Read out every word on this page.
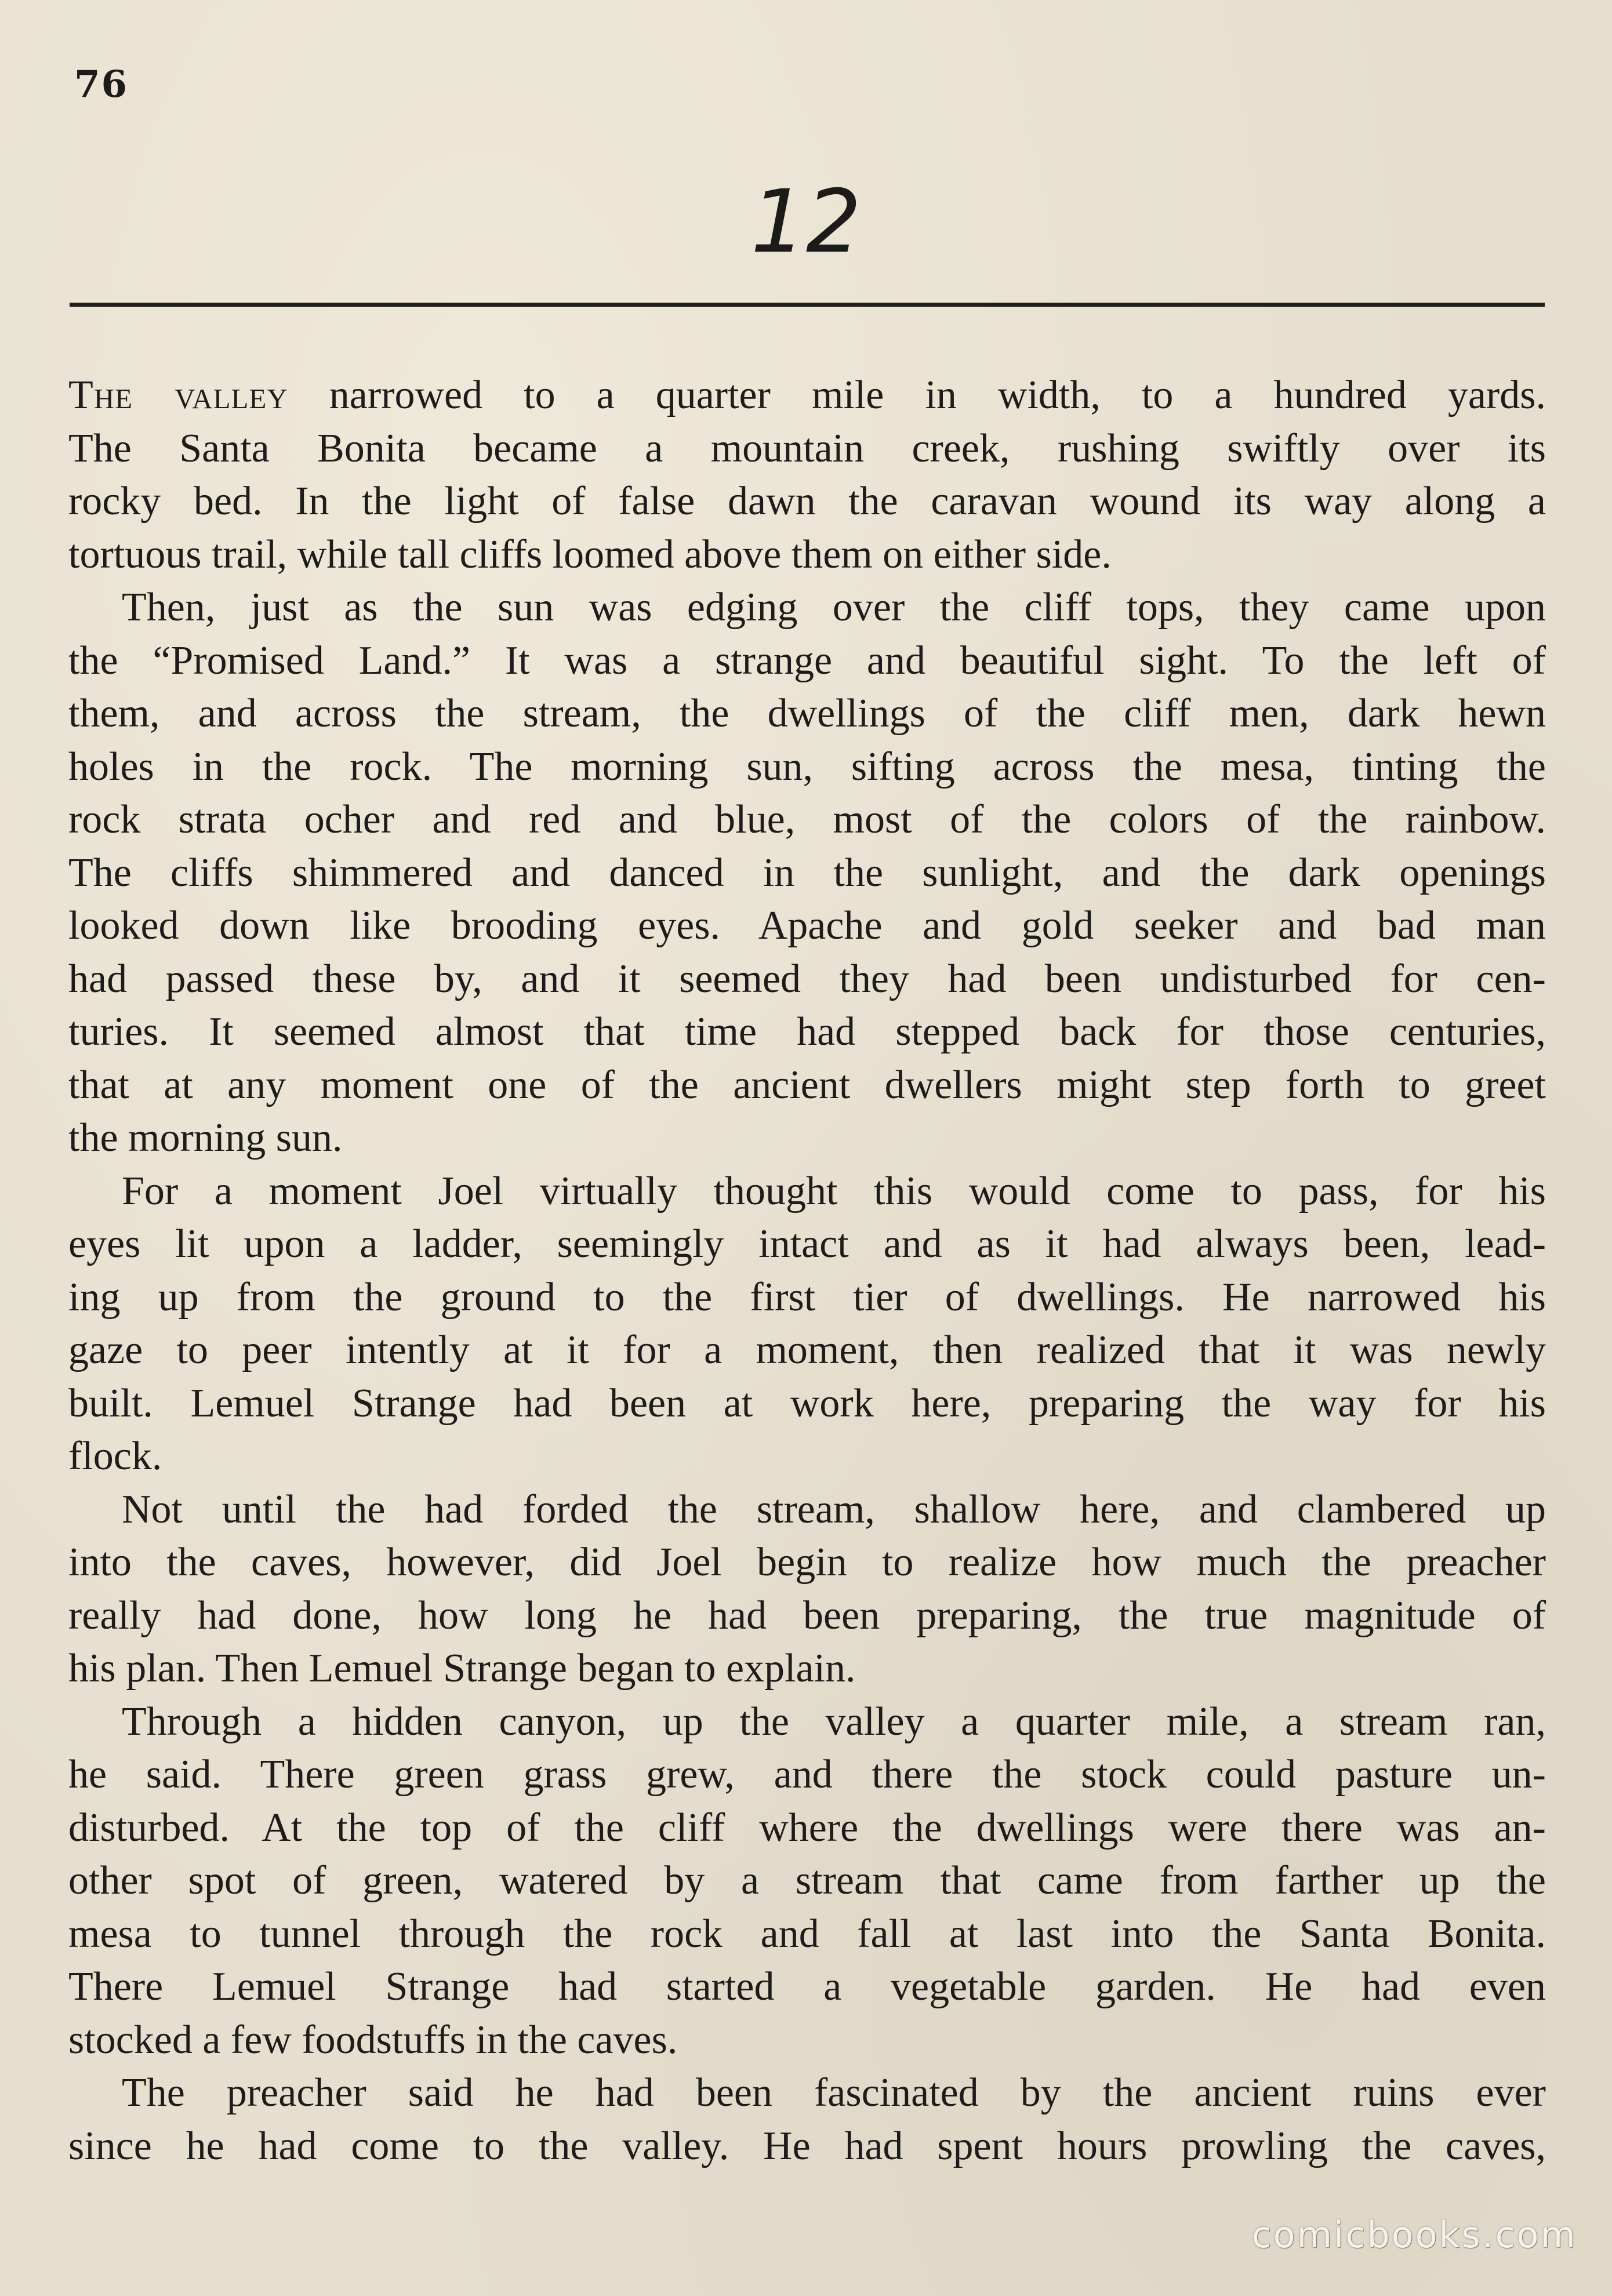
76
12
The valley narrowed to a quarter mile in width, to a hundred yards.
The Santa Bonita became a mountain creek, rushing swiftly over its
rocky bed. In the light of false dawn the caravan wound its way along a
tortuous trail, while tall cliffs loomed above them on either side.
Then, just as the sun was edging over the cliff tops, they came upon
the “Promised Land.” It was a strange and beautiful sight. To the left of
them, and across the stream, the dwellings of the cliff men, dark hewn
holes in the rock. The morning sun, sifting across the mesa, tinting the
rock strata ocher and red and blue, most of the colors of the rainbow.
The cliffs shimmered and danced in the sunlight, and the dark openings
looked down like brooding eyes. Apache and gold seeker and bad man
had passed these by, and it seemed they had been undisturbed for cen-
turies. It seemed almost that time had stepped back for those centuries,
that at any moment one of the ancient dwellers might step forth to greet
the morning sun.
For a moment Joel virtually thought this would come to pass, for his
eyes lit upon a ladder, seemingly intact and as it had always been, lead-
ing up from the ground to the first tier of dwellings. He narrowed his
gaze to peer intently at it for a moment, then realized that it was newly
built. Lemuel Strange had been at work here, preparing the way for his
flock.
Not until the had forded the stream, shallow here, and clambered up
into the caves, however, did Joel begin to realize how much the preacher
really had done, how long he had been preparing, the true magnitude of
his plan. Then Lemuel Strange began to explain.
Through a hidden canyon, up the valley a quarter mile, a stream ran,
he said. There green grass grew, and there the stock could pasture un-
disturbed. At the top of the cliff where the dwellings were there was an-
other spot of green, watered by a stream that came from farther up the
mesa to tunnel through the rock and fall at last into the Santa Bonita.
There Lemuel Strange had started a vegetable garden. He had even
stocked a few foodstuffs in the caves.
The preacher said he had been fascinated by the ancient ruins ever
since he had come to the valley. He had spent hours prowling the caves,
comicbooks.com
